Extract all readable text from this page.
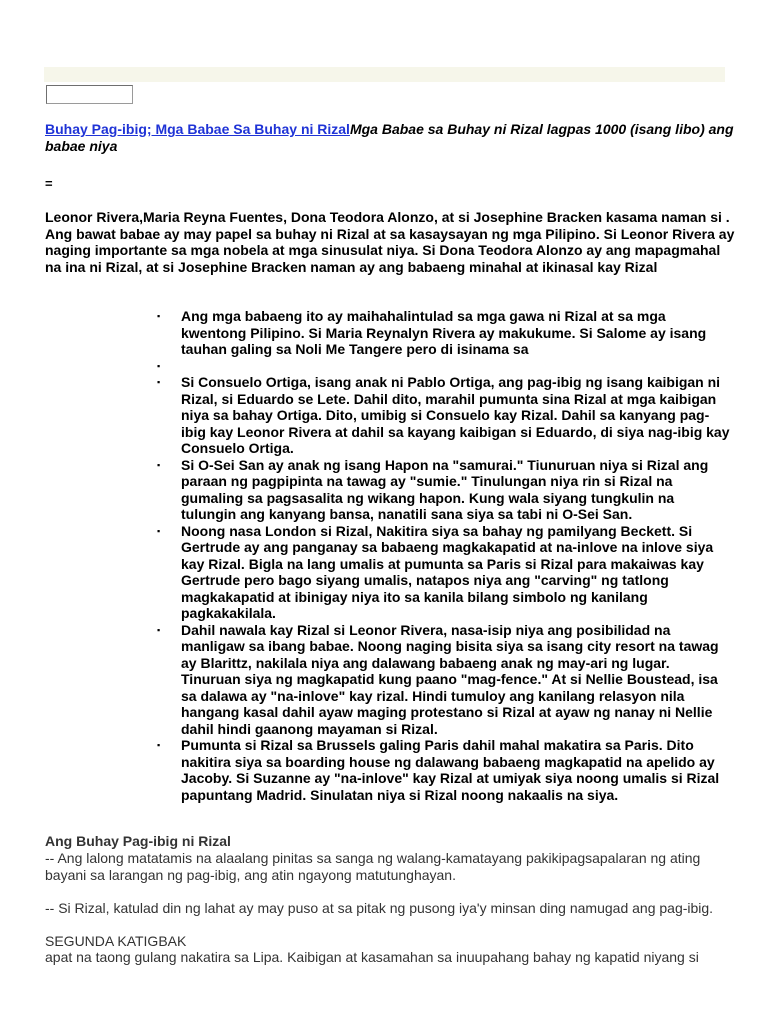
Buhay Pag-ibig; Mga Babae Sa Buhay ni RizalMga Babae sa Buhay ni Rizal lagpas 1000 (isang libo) ang babae niya
=
Leonor Rivera,Maria Reyna Fuentes, Dona Teodora Alonzo, at si Josephine Bracken kasama naman si . Ang bawat babae ay may papel sa buhay ni Rizal at sa kasaysayan ng mga Pilipino. Si Leonor Rivera ay naging importante sa mga nobela at mga sinusulat niya. Si Dona Teodora Alonzo ay ang mapagmahal na ina ni Rizal, at si Josephine Bracken naman ay ang babaeng minahal at ikinasal kay Rizal
▪ Ang mga babaeng ito ay maihahalintulad sa mga gawa ni Rizal at sa mga kwentong Pilipino. Si Maria Reynalyn Rivera ay makukume. Si Salome ay isang tauhan galing sa Noli Me Tangere pero di isinama sa
▪
▪ Si Consuelo Ortiga, isang anak ni Pablo Ortiga, ang pag-ibig ng isang kaibigan ni Rizal, si Eduardo se Lete. Dahil dito, marahil pumunta sina Rizal at mga kaibigan niya sa bahay Ortiga. Dito, umibig si Consuelo kay Rizal. Dahil sa kanyang pag-ibig kay Leonor Rivera at dahil sa kayang kaibigan si Eduardo, di siya nag-ibig kay Consuelo Ortiga.
▪ Si O-Sei San ay anak ng isang Hapon na "samurai." Tiunuruan niya si Rizal ang paraan ng pagpipinta na tawag ay "sumie." Tinulungan niya rin si Rizal na gumaling sa pagsasalita ng wikang hapon. Kung wala siyang tungkulin na tulungin ang kanyang bansa, nanatili sana siya sa tabi ni O-Sei San.
▪ Noong nasa London si Rizal, Nakitira siya sa bahay ng pamilyang Beckett. Si Gertrude ay ang panganay sa babaeng magkakapatid at na-inlove na inlove siya kay Rizal. Bigla na lang umalis at pumunta sa Paris si Rizal para makaiwas kay Gertrude pero bago siyang umalis, natapos niya ang "carving" ng tatlong magkakapatid at ibinigay niya ito sa kanila bilang simbolo ng kanilang pagkakakilala.
▪ Dahil nawala kay Rizal si Leonor Rivera, nasa-isip niya ang posibilidad na manligaw sa ibang babae. Noong naging bisita siya sa isang city resort na tawag ay Blarittz, nakilala niya ang dalawang babaeng anak ng may-ari ng lugar. Tinuruan siya ng magkapatid kung paano "mag-fence." At si Nellie Boustead, isa sa dalawa ay "na-inlove" kay rizal. Hindi tumuloy ang kanilang relasyon nila hangang kasal dahil ayaw maging protestano si Rizal at ayaw ng nanay ni Nellie dahil hindi gaanong mayaman si Rizal.
▪ Pumunta si Rizal sa Brussels galing Paris dahil mahal makatira sa Paris. Dito nakitira siya sa boarding house ng dalawang babaeng magkapatid na apelido ay Jacoby. Si Suzanne ay "na-inlove" kay Rizal at umiyak siya noong umalis si Rizal papuntang Madrid. Sinulatan niya si Rizal noong nakaalis na siya.
Ang Buhay Pag-ibig ni Rizal
-- Ang lalong matatamis na alaalang pinitas sa sanga ng walang-kamatayang pakikipagsapalaran ng ating bayani sa larangan ng pag-ibig, ang atin ngayong matutunghayan.
-- Si Rizal, katulad din ng lahat ay may puso at sa pitak ng pusong iya'y minsan ding namugad ang pag-ibig.
SEGUNDA KATIGBAK
apat na taong gulang nakatira sa Lipa. Kaibigan at kasamahan sa inuupahang bahay ng kapatid niyang si
